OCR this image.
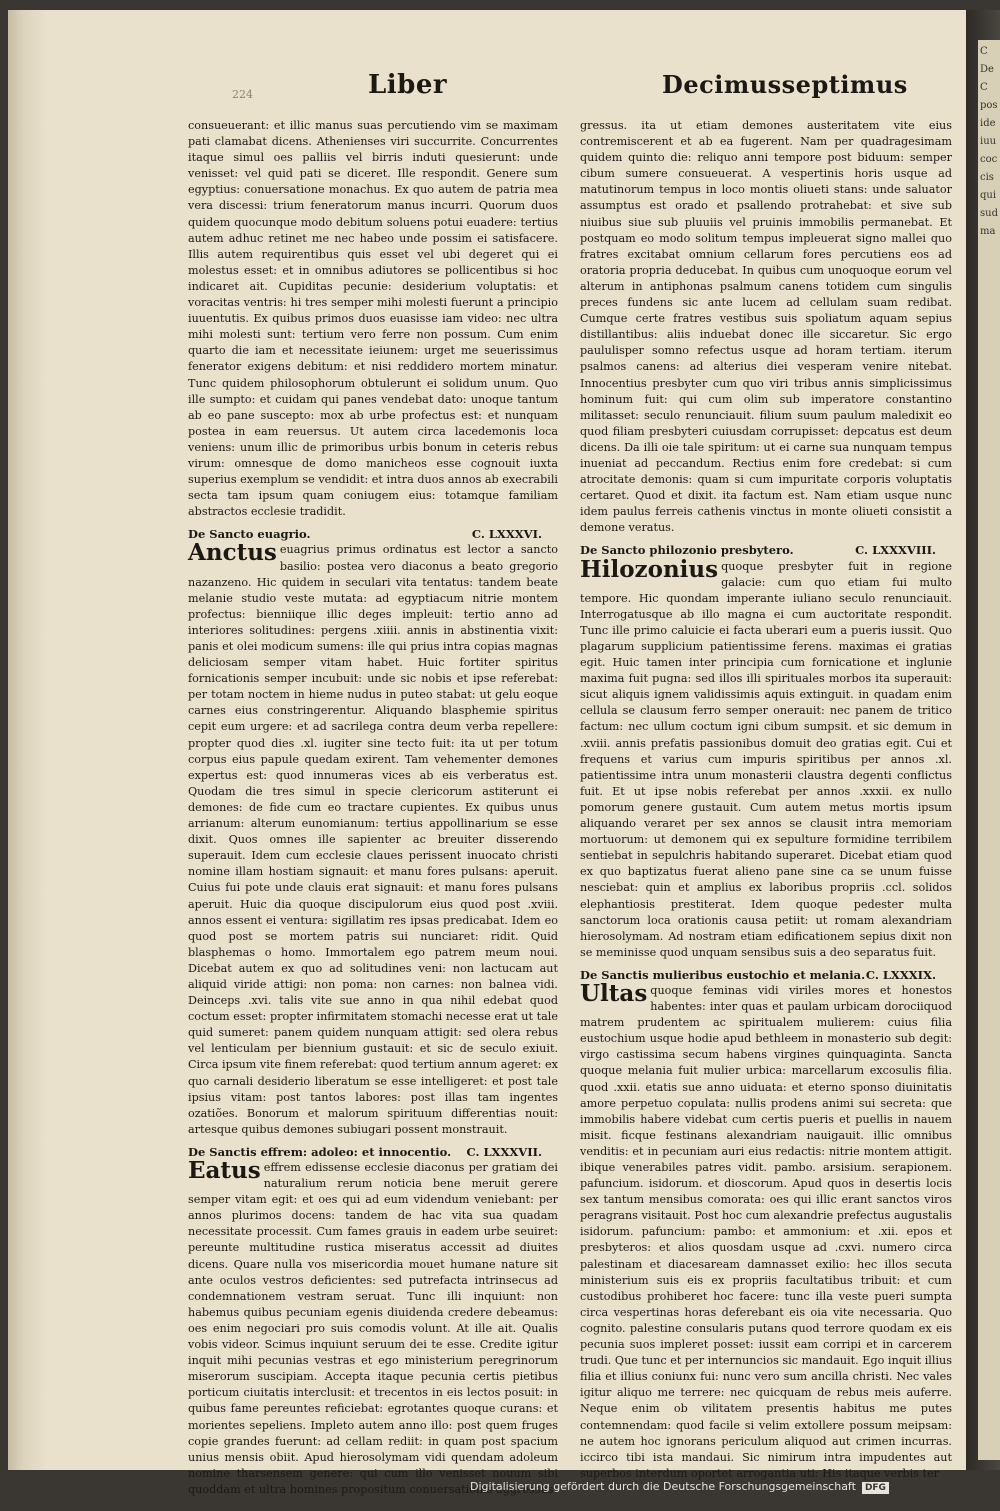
C
De
C
pos
ide
iuu
coc
cis
qui
sud
ma
224	Liber	Decimusseptimus

consueuerant: et illic manus suas percutiendo vim se maximam pati clamabat dicens. Athenienses viri succurrite. Concurrentes itaque simul oes palliis vel birris induti quesierunt: unde venisset: vel quid pati se diceret. Ille respondit. Genere sum egyptius: conuersatione monachus. Ex quo autem de patria mea vera discessi: trium feneratorum manus incurri. Quorum duos quidem quocunque modo debitum soluens potui euadere: tertius autem adhuc retinet me nec habeo unde possim ei satisfacere. Illis autem requirentibus quis esset vel ubi degeret qui ei molestus esset: et in omnibus adiutores se pollicentibus si hoc indicaret ait. Cupiditas pecunie: desiderium voluptatis: et voracitas ventris: hi tres semper mihi molesti fuerunt a principio iuuentutis. Ex quibus primos duos euasisse iam video: nec ultra mihi molesti sunt: tertium vero ferre non possum. Cum enim quarto die iam et necessitate ieiunem: urget me seuerissimus fenerator exigens debitum: et nisi reddidero mortem minatur. Tunc quidem philosophorum obtulerunt ei solidum unum. Quo ille sumpto: et cuidam qui panes vendebat dato: unoque tantum ab eo pane suscepto: mox ab urbe profectus est: et nunquam postea in eam reuersus. Ut autem circa lacedemonis loca veniens: unum illic de primoribus urbis bonum in ceteris rebus virum: omnesque de domo manicheos esse cognouit iuxta superius exemplum se vendidit: et intra duos annos ab execrabili secta tam ipsum quam coniugem eius: totamque familiam abstractos ecclesie tradidit.

De Sancto euagrio.	C. LXXXVI.
Anctus euagrius primus ordinatus est lector a sancto basilio: postea vero diaconus a beato gregorio nazanzeno. Hic quidem in seculari vita tentatus: tandem beate melanie studio veste mutata: ad egyptiacum nitrie montem profectus: bienniique illic deges impleuit: tertio anno ad interiores solitudines: pergens .xiiii. annis in abstinentia vixit: panis et olei modicum sumens: ille qui prius intra copias magnas deliciosam semper vitam habet. Huic fortiter spiritus fornicationis semper incubuit: unde sic nobis et ipse referebat: per totam noctem in hieme nudus in puteo stabat: ut gelu eoque carnes eius constringerentur. Aliquando blasphemie spiritus cepit eum urgere: et ad sacrilega contra deum verba repellere: propter quod dies .xl. iugiter sine tecto fuit: ita ut per totum corpus eius papule quedam exirent. Tam vehementer demones expertus est: quod innumeras vices ab eis verberatus est. Quodam die tres simul in specie clericorum astiterunt ei demones: de fide cum eo tractare cupientes. Ex quibus unus arrianum: alterum eunomianum: tertius appollinarium se esse dixit. Quos omnes ille sapienter ac breuiter disserendo superauit. Idem cum ecclesie claues perissent inuocato christi nomine illam hostiam signauit: et manu fores pulsans: aperuit. Cuius fui pote unde clauis erat signauit: et manu fores pulsans aperuit. Huic dia quoque discipulorum eius quod post .xviii. annos essent ei ventura: sigillatim res ipsas predicabat. Idem eo quod post se mortem patris sui nunciaret: ridit. Quid blasphemas o homo. Immortalem ego patrem meum noui. Dicebat autem ex quo ad solitudines veni: non lactucam aut aliquid viride attigi: non poma: non carnes: non balnea vidi. Deinceps .xvi. talis vite sue anno in qua nihil edebat quod coctum esset: propter infirmitatem stomachi necesse erat ut tale quid sumeret: panem quidem nunquam attigit: sed olera rebus vel lenticulam per biennium gustauit: et sic de seculo exiuit. Circa ipsum vite finem referebat: quod tertium annum ageret: ex quo carnali desiderio liberatum se esse intelligeret: et post tale ipsius vitam: post tantos labores: post illas tam ingentes ozatiões. Bonorum et malorum spirituum differentias nouit: artesque quibus demones subiugari possent monstrauit.
De Sanctis effrem: adoleo: et innocentio. C. LXXXVII.
Eatus effrem edissense ecclesie diaconus per gratiam dei naturalium rerum noticia bene meruit gerere semper vitam egit: et oes qui ad eum videndum veniebant: per annos plurimos docens: tandem de hac vita sua quadam necessitate processit. Cum fames grauis in eadem urbe seuiret: pereunte multitudine rustica miseratus accessit ad diuites dicens. Quare nulla vos misericordia mouet humane nature sit ante oculos vestros deficientes: sed putrefacta intrinsecus ad condemnationem vestram seruat. Tunc illi inquiunt: non habemus quibus pecuniam egenis diuidenda credere debeamus: oes enim negociari pro suis comodis volunt. At ille ait. Qualis vobis videor. Scimus inquiunt seruum dei te esse. Credite igitur inquit mihi pecunias vestras et ego ministerium peregrinorum miserorum suscipiam. Accepta itaque pecunia certis pietibus porticum ciuitatis interclusit: et trecentos in eis lectos posuit: in quibus fame pereuntes reficiebat: egrotantes quoque curans: et morientes sepeliens. Impleto autem anno illo: post quem fruges copie grandes fuerunt: ad cellam rediit: in quam post spacium unius mensis obiit. Apud hierosolymam vidi quendam adoleum nomine tharsensem genere: qui cum illo venisset nouum sibi quoddam et ultra homines propositum conuersationis aggressus.

gressus. ita ut etiam demones austeritatem vite eius contremiscerent et ab ea fugerent. Nam per quadragesimam quidem quinto die: reliquo anni tempore post biduum: semper cibum sumere consueuerat. A vespertinis horis usque ad matutinorum tempus in loco montis oliueti stans: unde saluator assumptus est orado et psallendo protrahebat: et sive sub niuibus siue sub pluuiis vel pruinis immobilis permanebat. Et postquam eo modo solitum tempus impleuerat signo mallei quo fratres excitabat omnium cellarum fores percutiens eos ad oratoria propria deducebat. In quibus cum unoquoque eorum vel alterum in antiphonas psalmum canens totidem cum singulis preces fundens sic ante lucem ad cellulam suam redibat. Cumque certe fratres vestibus suis spoliatum aquam sepius distillantibus: aliis induebat donec ille siccaretur. Sic ergo paululisper somno refectus usque ad horam tertiam. iterum psalmos canens: ad alterius diei vesperam venire nitebat. Innocentius presbyter cum quo viri tribus annis simplicissimus hominum fuit: qui cum olim sub imperatore constantino militasset: seculo renunciauit. filium suum paulum maledixit eo quod filiam presbyteri cuiusdam corrupisset: depcatus est deum dicens. Da illi oie tale spiritum: ut ei carne sua nunquam tempus inueniat ad peccandum. Rectius enim fore credebat: si cum atrocitate demonis: quam si cum impuritate corporis voluptatis certaret. Quod et dixit. ita factum est. Nam etiam usque nunc idem paulus ferreis cathenis vinctus in monte oliueti consistit a demone veratus.

De Sancto philozonio presbytero.	C. LXXXVIII.
Hilozonius quoque presbyter fuit in regione galacie: cum quo etiam fui multo tempore. Hic quondam imperante iuliano seculo renunciauit. Interrogatusque ab illo magna ei cum auctoritate respondit. Tunc ille primo caluicie ei facta uberari eum a pueris iussit. Quo plagarum supplicium patientissime ferens. maximas ei gratias egit. Huic tamen inter principia cum fornicatione et inglunie maxima fuit pugna: sed illos illi spirituales morbos ita superauit: sicut aliquis ignem validissimis aquis extinguit. in quadam enim cellula se clausum ferro semper onerauit: nec panem de tritico factum: nec ullum coctum igni cibum sumpsit. et sic demum in .xviii. annis prefatis passionibus domuit deo gratias egit. Cui et frequens et varius cum impuris spiritibus per annos .xl. patientissime intra unum monasterii claustra degenti conflictus fuit. Et ut ipse nobis referebat per annos .xxxii. ex nullo pomorum genere gustauit. Cum autem metus mortis ipsum aliquando veraret per sex annos se clausit intra memoriam mortuorum: ut demonem qui ex sepulture formidine terribilem sentiebat in sepulchris habitando superaret. Dicebat etiam quod ex quo baptizatus fuerat alieno pane sine ca se unum fuisse nesciebat: quin et amplius ex laboribus propriis .ccl. solidos elephantiosis prestiterat. Idem quoque pedester multa sanctorum loca orationis causa petiit: ut romam alexandriam hierosolymam. Ad nostram etiam edificationem sepius dixit non se meminisse quod unquam sensibus suis a deo separatus fuit.
De Sanctis mulieribus eustochio et melania. C. LXXXIX.
Ultas quoque feminas vidi viriles mores et honestos habentes: inter quas et paulam urbicam dorociiquod matrem prudentem ac spiritualem mulierem: cuius filia eustochium usque hodie apud bethleem in monasterio sub degit: virgo castissima secum habens virgines quinquaginta. Sancta quoque melania fuit mulier urbica: marcellarum excosulis filia. quod .xxii. etatis sue anno uiduata: et eterno sponso diuinitatis amore perpetuo copulata: nullis prodens animi sui secreta: que immobilis habere videbat cum certis pueris et puellis in nauem misit. ficque festinans alexandriam nauigauit. illic omnibus venditis: et in pecuniam auri eius redactis: nitrie montem attigit. ibique venerabiles patres vidit. pambo. arsisium. serapionem. pafuncium. isidorum. et dioscorum. Apud quos in desertis locis sex tantum mensibus comorata: oes qui illic erant sanctos viros peragrans visitauit. Post hoc cum alexandrie prefectus augustalis isidorum. pafuncium: pambo: et ammonium: et .xii. epos et presbyteros: et alios quosdam usque ad .cxvi. numero circa palestinam et diacesaream damnasset exilio: hec illos secuta ministerium suis eis ex propriis facultatibus tribuit: et cum custodibus prohiberet hoc facere: tunc illa veste pueri sumpta circa vespertinas horas deferebant eis oia vite necessaria. Quo cognito. palestine consularis putans quod terrore quodam ex eis pecunia suos impleret posset: iussit eam corripi et in carcerem trudi. Que tunc et per internuncios sic mandauit. Ego inquit illius filia et illius coniunx fui: nunc vero sum ancilla christi. Nec vales igitur aliquo me terrere: nec quicquam de rebus meis auferre. Neque enim ob vilitatem presentis habitus me putes contemnendam: quod facile si velim extollere possum meipsam: ne autem hoc ignorans periculum aliquod aut crimen incurras. iccirco tibi ista mandaui. Sic nimirum intra impudentes aut superbos interdum oportet arrogantia uti: His itaque verbis ter
Digitalisierung gefördert durch die Deutsche Forschungsgemeinschaft DFG
